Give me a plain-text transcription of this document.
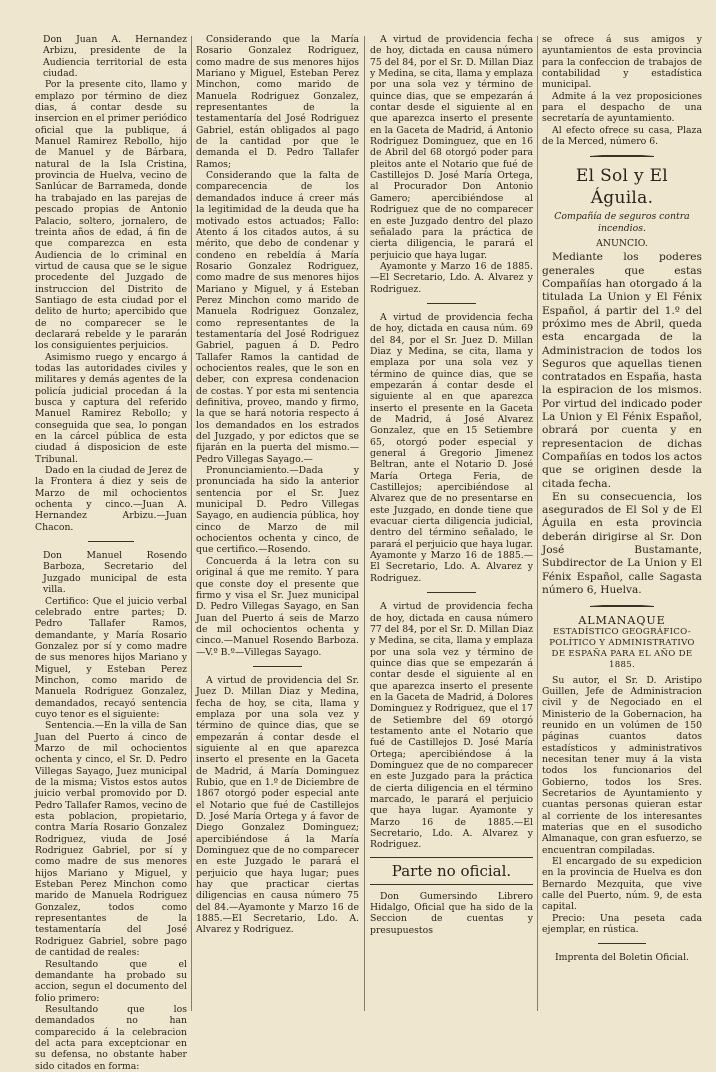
Don Juan A. Hernandez Arbizu, presidente de la Audiencia territorial de esta ciudad.

Por la presente cito, llamo y emplazo por término de diez dias, á contar desde su insercion en el primer periódico oficial que la publique, á Manuel Ramirez Rebollo, hijo de Manuel y de Bárbara, natural de la Isla Cristina, provincia de Huelva, vecino de Sanlúcar de Barrameda, donde ha trabajado en las parejas de pescado propias de Antonio Palacio, soltero, jornalero, de treinta años de edad, á fin de que comparezca en esta Audiencia de lo criminal en virtud de causa que se le sigue procedente del Juzgado de instruccion del Distrito de Santiago de esta ciudad por el delito de hurto; apercibido que de no comparecer se le declarará rebelde y le pararán los consiguientes perjuicios.

Asimismo ruego y encargo á todas las autoridades civiles y militares y demás agentes de la policía judicial procedan á la busca y captura del referido Manuel Ramirez Rebollo; y conseguida que sea, lo pongan en la cárcel pública de esta ciudad á disposicion de este Tribunal.

Dado en la ciudad de Jerez de la Frontera á diez y seis de Marzo de mil ochocientos ochenta y cinco.—Juan A. Hernandez Arbizu.—Juan Chacon.

Don Manuel Rosendo Barboza, Secretario del Juzgado municipal de esta villa.

Certifico: Que el juicio verbal celebrado entre partes; D. Pedro Tallafer Ramos, demandante, y María Rosario Gonzalez por sí y como madre de sus menores hijos Mariano y Miguel, y Esteban Perez Minchon, como marido de Manuela Rodriguez Gonzalez, demandados, recayó sentencia cuyo tenor es el siguiente:

Sentencia.—En la villa de San Juan del Puerto á cinco de Marzo de mil ochocientos ochenta y cinco, el Sr. D. Pedro Villegas Sayago, Juez municipal de la misma; Vistos estos autos juicio verbal promovido por D. Pedro Tallafer Ramos, vecino de esta poblacion, propietario, contra María Rosario Gonzalez Rodriguez, viuda de José Rodriguez Gabriel, por sí y como madre de sus menores hijos Mariano y Miguel, y Esteban Perez Minchon como marido de Manuela Rodriguez Gonzalez, todos como representantes de la testamentaría del José Rodriguez Gabriel, sobre pago de cantidad de reales:

Resultando que el demandante ha probado su accion, segun el documento del folio primero:

Resultando que los demandados no han comparecido á la celebracion del acta para exceptcionar en su defensa, no obstante haber sido citados en forma:

Considerando que la María Rosario Gonzalez Rodriguez, como madre de sus menores hijos Mariano y Miguel, Esteban Perez Minchon, como marido de Manuela Rodriguez Gonzalez, representantes de la testamentaría del José Rodriguez Gabriel, están obligados al pago de la cantidad por que le demanda el D. Pedro Tallafer Ramos;

Considerando que la falta de comparecencia de los demandados induce á creer más la legitimidad de la deuda que ha motivado estos actuados; Fallo: Atento á los citados autos, á su mérito, que debo de condenar y condeno en rebeldía á María Rosario Gonzalez Rodriguez, como madre de sus menores hijos Mariano y Miguel, y á Esteban Perez Minchon como marido de Manuela Rodriguez Gonzalez, como representantes de la testamentaría del José Rodriguez Gabriel, paguen á D. Pedro Tallafer Ramos la cantidad de ochocientos reales, que le son en deber, con expresa condenacion de costas. Y por esta mi sentencia definitiva, proveo, mando y firmo, la que se hará notoria respecto á los demandados en los estrados del Juzgado, y por edictos que se fijarán en la puerta del mismo.—Pedro Villegas Sayago.—

Pronunciamiento.—Dada y pronunciada ha sido la anterior sentencia por el Sr. Juez municipal D. Pedro Villegas Sayago, en audiencia pública, hoy cinco de Marzo de mil ochocientos ochenta y cinco, de que certifico.—Rosendo.

Concuerda á la letra con su original á que me remito. Y para que conste doy el presente que firmo y visa el Sr. Juez municipal D. Pedro Villegas Sayago, en San Juan del Puerto á seis de Marzo de mil ochocientos ochenta y cinco.—Manuel Rosendo Barboza.—V.º B.º—Villegas Sayago.

A virtud de providencia del Sr. Juez D. Millan Diaz y Medina, fecha de hoy, se cita, llama y emplaza por una sola vez y término de quince dias, que se empezarán á contar desde el siguiente al en que aparezca inserto el presente en la Gaceta de Madrid, á María Dominguez Rubio, que en 1.º de Diciembre de 1867 otorgó poder especial ante el Notario que fué de Castillejos D. José María Ortega y á favor de Diego Gonzalez Dominguez; apercibiéndose á la María Dominguez que de no comparecer en este Juzgado le parará el perjuicio que haya lugar; pues hay que practicar ciertas diligencias en causa número 75 del 84.—Ayamonte y Marzo 16 de 1885.—El Secretario, Ldo. A. Alvarez y Rodriguez.

A virtud de providencia fecha de hoy, dictada en causa número 75 del 84, por el Sr. D. Millan Diaz y Medina, se cita, llama y emplaza por una sola vez y término de quince dias, que se empezarán á contar desde el siguiente al en que aparezca inserto el presente en la Gaceta de Madrid, á Antonio Rodriguez Dominguez, que en 16 de Abril del 68 otorgó poder para pleitos ante el Notario que fué de Castillejos D. José María Ortega, al Procurador Don Antonio Gamero; apercibiéndose al Rodriguez que de no comparecer en este Juzgado dentro del plazo señalado para la práctica de cierta diligencia, le parará el perjuicio que haya lugar.

Ayamonte y Marzo 16 de 1885.—El Secretario, Ldo. A. Alvarez y Rodriguez.

A virtud de providencia fecha de hoy, dictada en causa núm. 69 del 84, por el Sr. Juez D. Millan Diaz y Medina, se cita, llama y emplaza por una sola vez y término de quince dias, que se empezarán á contar desde el siguiente al en que aparezca inserto el presente en la Gaceta de Madrid, á José Alvarez Gonzalez, que en 15 Setiembre 65, otorgó poder especial y general á Gregorio Jimenez Beltran, ante el Notario D. José María Ortega Feria, de Castillejos; apercibiéndose al Alvarez que de no presentarse en este Juzgado, en donde tiene que evacuar cierta diligencia judicial, dentro del término señalado, le parará el perjuicio que haya lugar. Ayamonte y Marzo 16 de 1885.—El Secretario, Ldo. A. Alvarez y Rodriguez.

A virtud de providencia fecha de hoy, dictada en causa número 77 del 84, por el Sr. D. Millan Diaz y Medina, se cita, llama y emplaza por una sola vez y término de quince dias que se empezarán á contar desde el siguiente al en que aparezca inserto el presente en la Gaceta de Madrid, á Dolores Dominguez y Rodriguez, que el 17 de Setiembre del 69 otorgó testamento ante el Notario que fué de Castillejos D. José María Ortega; apercibiéndose á la Dominguez que de no comparecer en este Juzgado para la práctica de cierta diligencia en el término marcado, le parará el perjuicio que haya lugar. Ayamonte y Marzo 16 de 1885.—El Secretario, Ldo. A. Alvarez y Rodriguez.

Parte no oficial.

Don Gumersindo Librero Hidalgo, Oficial que ha sido de la Seccion de cuentas y presupuestos

se ofrece á sus amigos y ayuntamientos de esta provincia para la confeccion de trabajos de contabilidad y estadística municipal.

Admite á la vez proposiciones para el despacho de una secretaría de ayuntamiento.

Al efecto ofrece su casa, Plaza de la Merced, número 6.

El Sol y El Águila.
Compañía de seguros contra incendios.
ANUNCIO.

Mediante los poderes generales que estas Compañías han otorgado á la titulada La Union y El Fénix Español, á partir del 1.º del próximo mes de Abril, queda esta encargada de la Administracion de todos los Seguros que aquellas tienen contratados en España, hasta la espiracion de los mismos. Por virtud del indicado poder La Union y El Fénix Español, obrará por cuenta y en representacion de dichas Compañías en todos los actos que se originen desde la citada fecha.

En su consecuencia, los asegurados de El Sol y de El Águila en esta provincia deberán dirigirse al Sr. Don José Bustamante, Subdirector de La Union y El Fénix Español, calle Sagasta número 6, Huelva.

ALMANAQUE
ESTADÍSTICO GEOGRÁFICO-POLÍTICO Y ADMINISTRATIVO DE ESPAÑA PARA EL AÑO DE 1885.

Su autor, el Sr. D. Aristipo Guillen, Jefe de Administracion civil y de Negociado en el Ministerio de la Gobernacion, ha reunido en un volúmen de 150 páginas cuantos datos estadísticos y administrativos necesitan tener muy á la vista todos los funcionarios del Gobierno, todos los Sres. Secretarios de Ayuntamiento y cuantas personas quieran estar al corriente de los interesantes materias que en el susodicho Almanaque, con gran esfuerzo, se encuentran compiladas.

El encargado de su expedicion en la provincia de Huelva es don Bernardo Mezquita, que vive calle del Puerto, núm. 9, de esta capital.

Precio: Una peseta cada ejemplar, en rústica.

Imprenta del Boletin Oficial.
